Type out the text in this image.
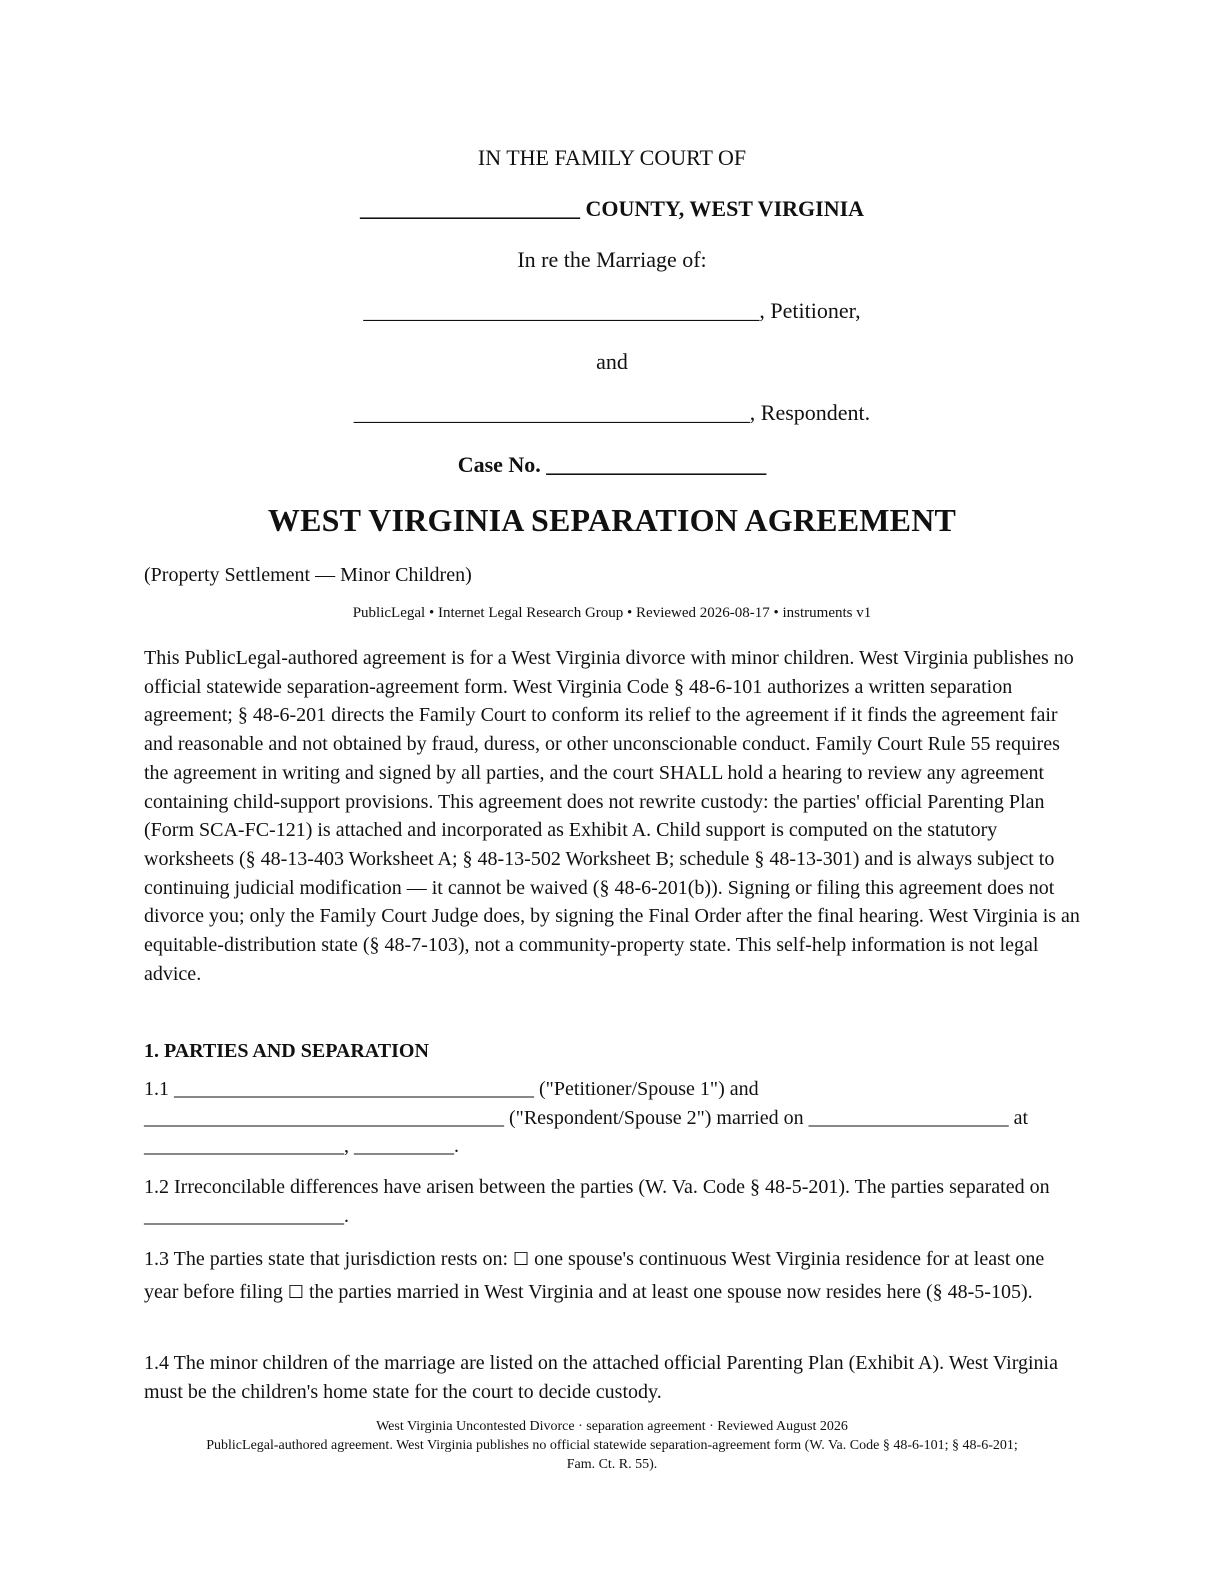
IN THE FAMILY COURT OF
____________________ COUNTY, WEST VIRGINIA
In re the Marriage of:
____________________________________, Petitioner,
and
____________________________________, Respondent.
Case No. ____________________
WEST VIRGINIA SEPARATION AGREEMENT
(Property Settlement — Minor Children)
PublicLegal • Internet Legal Research Group • Reviewed 2026-08-17 • instruments v1
This PublicLegal-authored agreement is for a West Virginia divorce with minor children. West Virginia publishes no official statewide separation-agreement form. West Virginia Code § 48-6-101 authorizes a written separation agreement; § 48-6-201 directs the Family Court to conform its relief to the agreement if it finds the agreement fair and reasonable and not obtained by fraud, duress, or other unconscionable conduct. Family Court Rule 55 requires the agreement in writing and signed by all parties, and the court SHALL hold a hearing to review any agreement containing child-support provisions. This agreement does not rewrite custody: the parties' official Parenting Plan (Form SCA-FC-121) is attached and incorporated as Exhibit A. Child support is computed on the statutory worksheets (§ 48-13-403 Worksheet A; § 48-13-502 Worksheet B; schedule § 48-13-301) and is always subject to continuing judicial modification — it cannot be waived (§ 48-6-201(b)). Signing or filing this agreement does not divorce you; only the Family Court Judge does, by signing the Final Order after the final hearing. West Virginia is an equitable-distribution state (§ 48-7-103), not a community-property state. This self-help information is not legal advice.
1. PARTIES AND SEPARATION
1.1 ____________________________________ ("Petitioner/Spouse 1") and ____________________________________ ("Respondent/Spouse 2") married on ____________________ at ____________________, __________.
1.2 Irreconcilable differences have arisen between the parties (W. Va. Code § 48-5-201). The parties separated on ____________________.
1.3 The parties state that jurisdiction rests on: ☐ one spouse's continuous West Virginia residence for at least one year before filing ☐ the parties married in West Virginia and at least one spouse now resides here (§ 48-5-105).
1.4 The minor children of the marriage are listed on the attached official Parenting Plan (Exhibit A). West Virginia must be the children's home state for the court to decide custody.
West Virginia Uncontested Divorce · separation agreement · Reviewed August 2026
PublicLegal-authored agreement. West Virginia publishes no official statewide separation-agreement form (W. Va. Code § 48-6-101; § 48-6-201;
Fam. Ct. R. 55).
